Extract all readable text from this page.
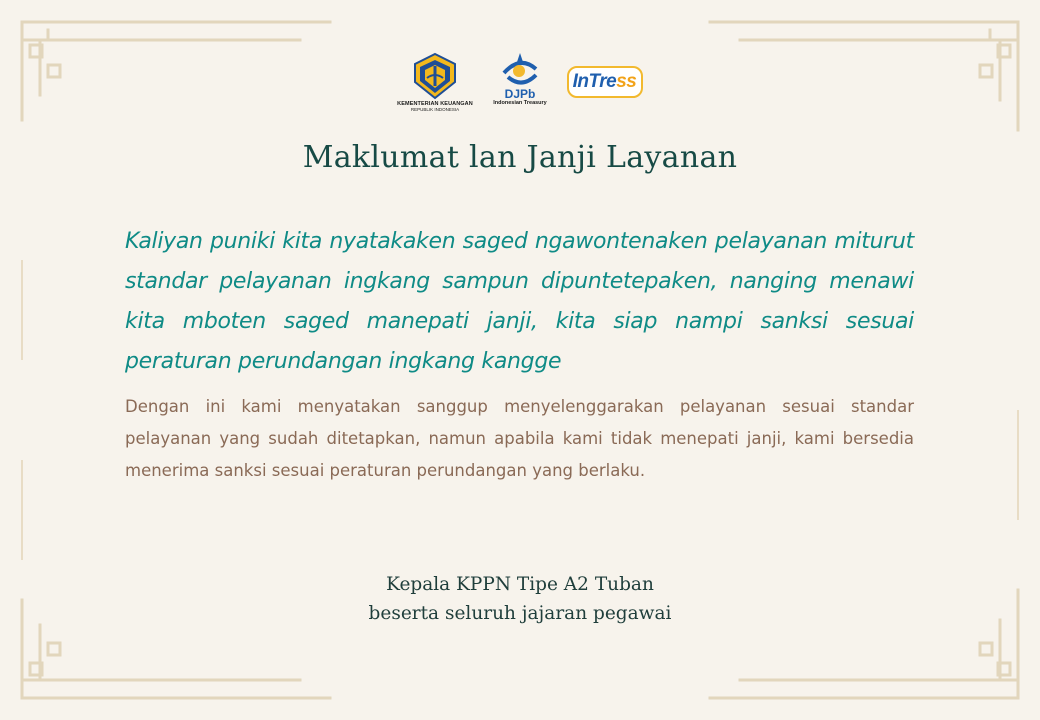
KEMENTERIAN KEUANGAN
REPUBLIK INDONESIA
DJPb
Indonesian Treasury
InTress
Maklumat lan Janji Layanan
Kaliyan puniki kita nyatakaken saged ngawontenaken pelayanan miturut standar pelayanan ingkang sampun dipuntetepaken, nanging menawi kita mboten saged manepati janji, kita siap nampi sanksi sesuai peraturan perundangan ingkang kangge
Dengan ini kami menyatakan sanggup menyelenggarakan pelayanan sesuai standar pelayanan yang sudah ditetapkan, namun apabila kami tidak menepati janji, kami bersedia menerima sanksi sesuai peraturan perundangan yang berlaku.
Kepala KPPN Tipe A2 Tuban
beserta seluruh jajaran pegawai
